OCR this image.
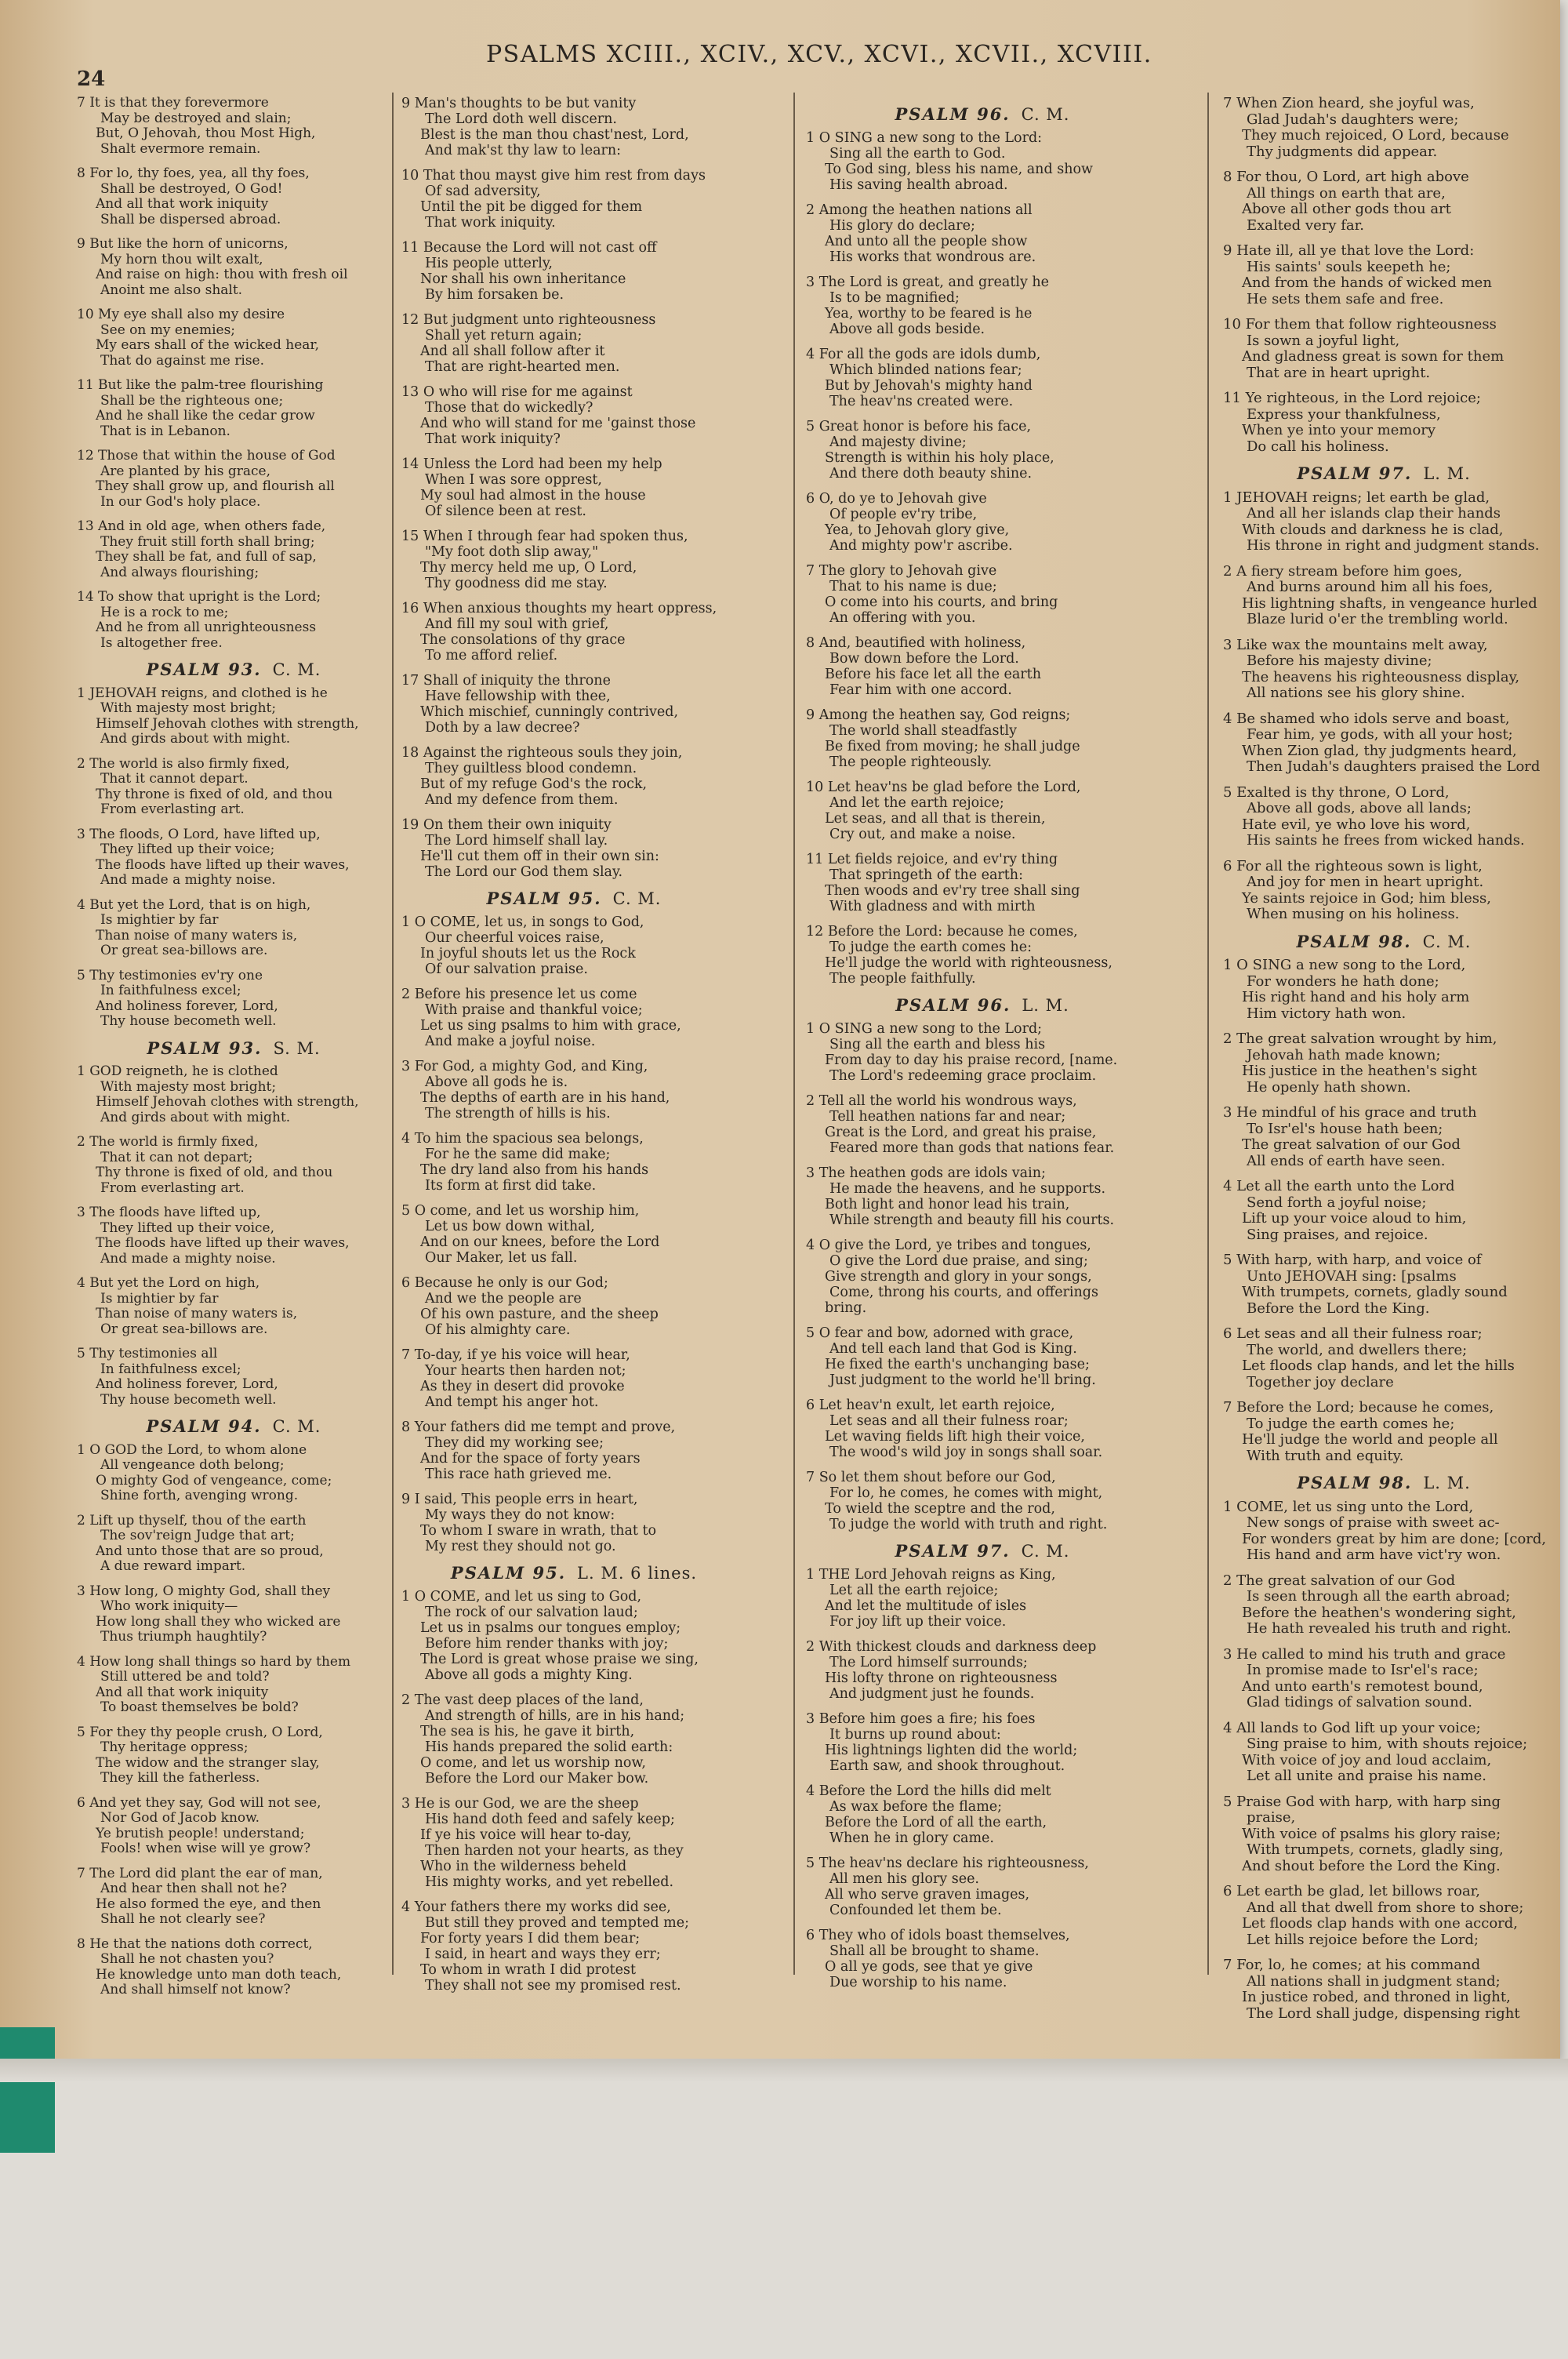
24
PSALMS XCIII., XCIV., XCV., XCVI., XCVII., XCVIII.
7 It is that they forevermore
May be destroyed and slain;
But, O Jehovah, thou Most High,
Shalt evermore remain.
8 For lo, thy foes, yea, all thy foes,
Shall be destroyed, O God!
And all that work iniquity
Shall be dispersed abroad.
9 But like the horn of unicorns,
My horn thou wilt exalt,
And raise on high: thou with fresh oil
Anoint me also shalt.
10 My eye shall also my desire
See on my enemies;
My ears shall of the wicked hear,
That do against me rise.
11 But like the palm-tree flourishing
Shall be the righteous one;
And he shall like the cedar grow
That is in Lebanon.
12 Those that within the house of God
Are planted by his grace,
They shall grow up, and flourish all
In our God's holy place.
13 And in old age, when others fade,
They fruit still forth shall bring;
They shall be fat, and full of sap,
And always flourishing;
14 To show that upright is the Lord;
He is a rock to me;
And he from all unrighteousness
Is altogether free.
PSALM 93. C. M.
1 JEHOVAH reigns, and clothed is he
With majesty most bright;
Himself Jehovah clothes with strength,
And girds about with might.
2 The world is also firmly fixed,
That it cannot depart.
Thy throne is fixed of old, and thou
From everlasting art.
3 The floods, O Lord, have lifted up,
They lifted up their voice;
The floods have lifted up their waves,
And made a mighty noise.
4 But yet the Lord, that is on high,
Is mightier by far
Than noise of many waters is,
Or great sea-billows are.
5 Thy testimonies ev'ry one
In faithfulness excel;
And holiness forever, Lord,
Thy house becometh well.
PSALM 93. S. M.
1 GOD reigneth, he is clothed
With majesty most bright;
Himself Jehovah clothes with strength,
And girds about with might.
2 The world is firmly fixed,
That it can not depart;
Thy throne is fixed of old, and thou
From everlasting art.
3 The floods have lifted up,
They lifted up their voice,
The floods have lifted up their waves,
And made a mighty noise.
4 But yet the Lord on high,
Is mightier by far
Than noise of many waters is,
Or great sea-billows are.
5 Thy testimonies all
In faithfulness excel;
And holiness forever, Lord,
Thy house becometh well.
PSALM 94. C. M.
1 O GOD the Lord, to whom alone
All vengeance doth belong;
O mighty God of vengeance, come;
Shine forth, avenging wrong.
2 Lift up thyself, thou of the earth
The sov'reign Judge that art;
And unto those that are so proud,
A due reward impart.
3 How long, O mighty God, shall they
Who work iniquity—
How long shall they who wicked are
Thus triumph haughtily?
4 How long shall things so hard by them
Still uttered be and told?
And all that work iniquity
To boast themselves be bold?
5 For they thy people crush, O Lord,
Thy heritage oppress;
The widow and the stranger slay,
They kill the fatherless.
6 And yet they say, God will not see,
Nor God of Jacob know.
Ye brutish people! understand;
Fools! when wise will ye grow?
7 The Lord did plant the ear of man,
And hear then shall not he?
He also formed the eye, and then
Shall he not clearly see?
8 He that the nations doth correct,
Shall he not chasten you?
He knowledge unto man doth teach,
And shall himself not know?
9 Man's thoughts to be but vanity
The Lord doth well discern.
Blest is the man thou chast'nest, Lord,
And mak'st thy law to learn:
10 That thou mayst give him rest from days
Of sad adversity,
Until the pit be digged for them
That work iniquity.
11 Because the Lord will not cast off
His people utterly,
Nor shall his own inheritance
By him forsaken be.
12 But judgment unto righteousness
Shall yet return again;
And all shall follow after it
That are right-hearted men.
13 O who will rise for me against
Those that do wickedly?
And who will stand for me 'gainst those
That work iniquity?
14 Unless the Lord had been my help
When I was sore opprest,
My soul had almost in the house
Of silence been at rest.
15 When I through fear had spoken thus,
"My foot doth slip away,"
Thy mercy held me up, O Lord,
Thy goodness did me stay.
16 When anxious thoughts my heart oppress,
And fill my soul with grief,
The consolations of thy grace
To me afford relief.
17 Shall of iniquity the throne
Have fellowship with thee,
Which mischief, cunningly contrived,
Doth by a law decree?
18 Against the righteous souls they join,
They guiltless blood condemn.
But of my refuge God's the rock,
And my defence from them.
19 On them their own iniquity
The Lord himself shall lay.
He'll cut them off in their own sin:
The Lord our God them slay.
PSALM 95. C. M.
1 O COME, let us, in songs to God,
Our cheerful voices raise,
In joyful shouts let us the Rock
Of our salvation praise.
2 Before his presence let us come
With praise and thankful voice;
Let us sing psalms to him with grace,
And make a joyful noise.
3 For God, a mighty God, and King,
Above all gods he is.
The depths of earth are in his hand,
The strength of hills is his.
4 To him the spacious sea belongs,
For he the same did make;
The dry land also from his hands
Its form at first did take.
5 O come, and let us worship him,
Let us bow down withal,
And on our knees, before the Lord
Our Maker, let us fall.
6 Because he only is our God;
And we the people are
Of his own pasture, and the sheep
Of his almighty care.
7 To-day, if ye his voice will hear,
Your hearts then harden not;
As they in desert did provoke
And tempt his anger hot.
8 Your fathers did me tempt and prove,
They did my working see;
And for the space of forty years
This race hath grieved me.
9 I said, This people errs in heart,
My ways they do not know:
To whom I sware in wrath, that to
My rest they should not go.
PSALM 95. L. M. 6 lines.
1 O COME, and let us sing to God,
The rock of our salvation laud;
Let us in psalms our tongues employ;
Before him render thanks with joy;
The Lord is great whose praise we sing,
Above all gods a mighty King.
2 The vast deep places of the land,
And strength of hills, are in his hand;
The sea is his, he gave it birth,
His hands prepared the solid earth:
O come, and let us worship now,
Before the Lord our Maker bow.
3 He is our God, we are the sheep
His hand doth feed and safely keep;
If ye his voice will hear to-day,
Then harden not your hearts, as they
Who in the wilderness beheld
His mighty works, and yet rebelled.
4 Your fathers there my works did see,
But still they proved and tempted me;
For forty years I did them bear;
I said, in heart and ways they err;
To whom in wrath I did protest
They shall not see my promised rest.
PSALM 96. C. M.
1 O SING a new song to the Lord:
Sing all the earth to God.
To God sing, bless his name, and show
His saving health abroad.
2 Among the heathen nations all
His glory do declare;
And unto all the people show
His works that wondrous are.
3 The Lord is great, and greatly he
Is to be magnified;
Yea, worthy to be feared is he
Above all gods beside.
4 For all the gods are idols dumb,
Which blinded nations fear;
But by Jehovah's mighty hand
The heav'ns created were.
5 Great honor is before his face,
And majesty divine;
Strength is within his holy place,
And there doth beauty shine.
6 O, do ye to Jehovah give
Of people ev'ry tribe,
Yea, to Jehovah glory give,
And mighty pow'r ascribe.
7 The glory to Jehovah give
That to his name is due;
O come into his courts, and bring
An offering with you.
8 And, beautified with holiness,
Bow down before the Lord.
Before his face let all the earth
Fear him with one accord.
9 Among the heathen say, God reigns;
The world shall steadfastly
Be fixed from moving; he shall judge
The people righteously.
10 Let heav'ns be glad before the Lord,
And let the earth rejoice;
Let seas, and all that is therein,
Cry out, and make a noise.
11 Let fields rejoice, and ev'ry thing
That springeth of the earth:
Then woods and ev'ry tree shall sing
With gladness and with mirth
12 Before the Lord: because he comes,
To judge the earth comes he:
He'll judge the world with righteousness,
The people faithfully.
PSALM 96. L. M.
1 O SING a new song to the Lord;
Sing all the earth and bless his
From day to day his praise record, [name.
The Lord's redeeming grace proclaim.
2 Tell all the world his wondrous ways,
Tell heathen nations far and near;
Great is the Lord, and great his praise,
Feared more than gods that nations fear.
3 The heathen gods are idols vain;
He made the heavens, and he supports.
Both light and honor lead his train,
While strength and beauty fill his courts.
4 O give the Lord, ye tribes and tongues,
O give the Lord due praise, and sing;
Give strength and glory in your songs,
Come, throng his courts, and offerings
bring.
5 O fear and bow, adorned with grace,
And tell each land that God is King.
He fixed the earth's unchanging base;
Just judgment to the world he'll bring.
6 Let heav'n exult, let earth rejoice,
Let seas and all their fulness roar;
Let waving fields lift high their voice,
The wood's wild joy in songs shall soar.
7 So let them shout before our God,
For lo, he comes, he comes with might,
To wield the sceptre and the rod,
To judge the world with truth and right.
PSALM 97. C. M.
1 THE Lord Jehovah reigns as King,
Let all the earth rejoice;
And let the multitude of isles
For joy lift up their voice.
2 With thickest clouds and darkness deep
The Lord himself surrounds;
His lofty throne on righteousness
And judgment just he founds.
3 Before him goes a fire; his foes
It burns up round about:
His lightnings lighten did the world;
Earth saw, and shook throughout.
4 Before the Lord the hills did melt
As wax before the flame;
Before the Lord of all the earth,
When he in glory came.
5 The heav'ns declare his righteousness,
All men his glory see.
All who serve graven images,
Confounded let them be.
6 They who of idols boast themselves,
Shall all be brought to shame.
O all ye gods, see that ye give
Due worship to his name.
7 When Zion heard, she joyful was,
Glad Judah's daughters were;
They much rejoiced, O Lord, because
Thy judgments did appear.
8 For thou, O Lord, art high above
All things on earth that are,
Above all other gods thou art
Exalted very far.
9 Hate ill, all ye that love the Lord:
His saints' souls keepeth he;
And from the hands of wicked men
He sets them safe and free.
10 For them that follow righteousness
Is sown a joyful light,
And gladness great is sown for them
That are in heart upright.
11 Ye righteous, in the Lord rejoice;
Express your thankfulness,
When ye into your memory
Do call his holiness.
PSALM 97. L. M.
1 JEHOVAH reigns; let earth be glad,
And all her islands clap their hands
With clouds and darkness he is clad,
His throne in right and judgment stands.
2 A fiery stream before him goes,
And burns around him all his foes,
His lightning shafts, in vengeance hurled
Blaze lurid o'er the trembling world.
3 Like wax the mountains melt away,
Before his majesty divine;
The heavens his righteousness display,
All nations see his glory shine.
4 Be shamed who idols serve and boast,
Fear him, ye gods, with all your host;
When Zion glad, thy judgments heard,
Then Judah's daughters praised the Lord
5 Exalted is thy throne, O Lord,
Above all gods, above all lands;
Hate evil, ye who love his word,
His saints he frees from wicked hands.
6 For all the righteous sown is light,
And joy for men in heart upright.
Ye saints rejoice in God; him bless,
When musing on his holiness.
PSALM 98. C. M.
1 O SING a new song to the Lord,
For wonders he hath done;
His right hand and his holy arm
Him victory hath won.
2 The great salvation wrought by him,
Jehovah hath made known;
His justice in the heathen's sight
He openly hath shown.
3 He mindful of his grace and truth
To Isr'el's house hath been;
The great salvation of our God
All ends of earth have seen.
4 Let all the earth unto the Lord
Send forth a joyful noise;
Lift up your voice aloud to him,
Sing praises, and rejoice.
5 With harp, with harp, and voice of
Unto JEHOVAH sing: [psalms
With trumpets, cornets, gladly sound
Before the Lord the King.
6 Let seas and all their fulness roar;
The world, and dwellers there;
Let floods clap hands, and let the hills
Together joy declare
7 Before the Lord; because he comes,
To judge the earth comes he;
He'll judge the world and people all
With truth and equity.
PSALM 98. L. M.
1 COME, let us sing unto the Lord,
New songs of praise with sweet ac-
For wonders great by him are done; [cord,
His hand and arm have vict'ry won.
2 The great salvation of our God
Is seen through all the earth abroad;
Before the heathen's wondering sight,
He hath revealed his truth and right.
3 He called to mind his truth and grace
In promise made to Isr'el's race;
And unto earth's remotest bound,
Glad tidings of salvation sound.
4 All lands to God lift up your voice;
Sing praise to him, with shouts rejoice;
With voice of joy and loud acclaim,
Let all unite and praise his name.
5 Praise God with harp, with harp sing
praise,
With voice of psalms his glory raise;
With trumpets, cornets, gladly sing,
And shout before the Lord the King.
6 Let earth be glad, let billows roar,
And all that dwell from shore to shore;
Let floods clap hands with one accord,
Let hills rejoice before the Lord;
7 For, lo, he comes; at his command
All nations shall in judgment stand;
In justice robed, and throned in light,
The Lord shall judge, dispensing right
